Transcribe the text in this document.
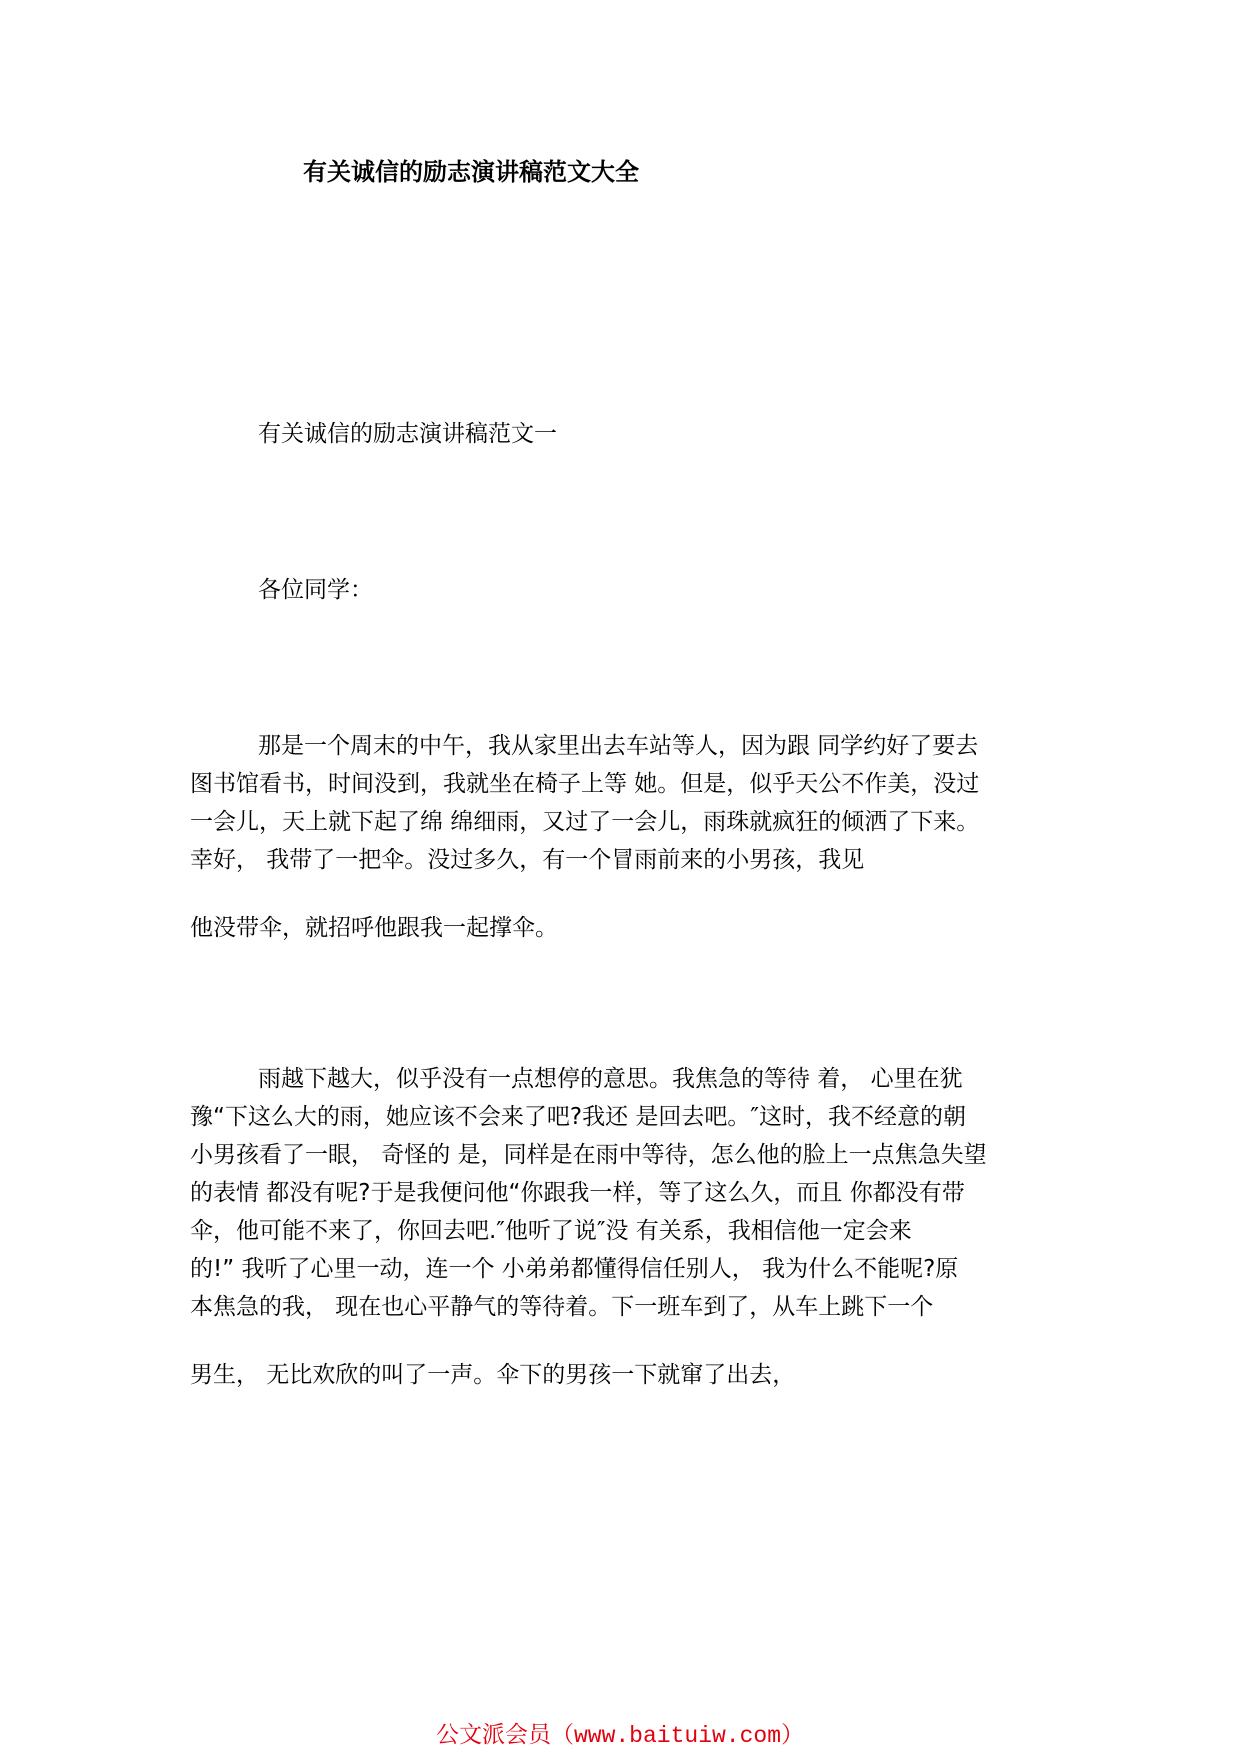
有关诚信的励志演讲稿范文大全
有关诚信的励志演讲稿范文一
各位同学：
那是一个周末的中午，我从家里出去车站等人，因为跟 同学约好了要去
图书馆看书，时间没到，我就坐在椅子上等 她。但是，似乎天公不作美，没过
一会儿，天上就下起了绵 绵细雨，又过了一会儿，雨珠就疯狂的倾洒了下来。
幸好， 我带了一把伞。没过多久，有一个冒雨前来的小男孩，我见
他没带伞，就招呼他跟我一起撑伞。
雨越下越大，似乎没有一点想停的意思。我焦急的等待 着， 心里在犹
豫“下这么大的雨，她应该不会来了吧?我还 是回去吧。″这时，我不经意的朝
小男孩看了一眼， 奇怪的 是，同样是在雨中等待，怎么他的脸上一点焦急失望
的表情 都没有呢?于是我便问他“你跟我一样，等了这么久，而且 你都没有带
伞，他可能不来了，你回去吧.″他听了说″没 有关系，我相信他一定会来
的!” 我听了心里一动，连一个 小弟弟都懂得信任别人， 我为什么不能呢?原
本焦急的我， 现在也心平静气的等待着。下一班车到了，从车上跳下一个
男生， 无比欢欣的叫了一声。伞下的男孩一下就窜了出去，
公文派会员（www.baituiw.com）
